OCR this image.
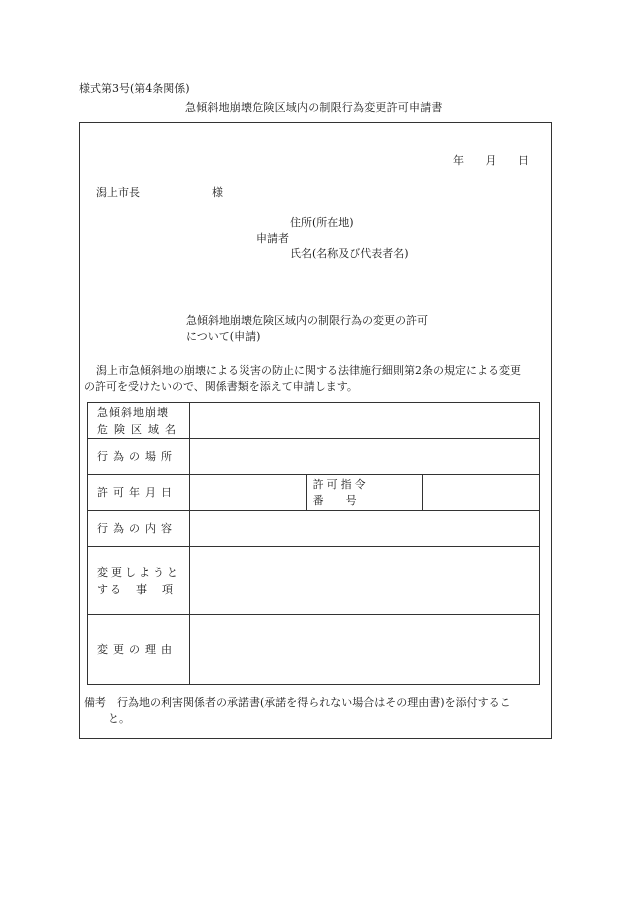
様式第3号(第4条関係)
急傾斜地崩壊危険区域内の制限行為変更許可申請書
年 月 日
潟上市長	様
住所(所在地)
申請者
氏名(名称及び代表者名)
急傾斜地崩壊危険区域内の制限行為の変更の許可
について(申請)
潟上市急傾斜地の崩壊による災害の防止に関する法律施行細則第2条の規定による変更
の許可を受けたいので、関係書類を添えて申請します。
急傾斜地崩壊
危険区域名			

行為の場所			
許可年月日		許可指令
番　　号	

行為の内容			

変更しようと
する　事　項			

変更の理由			
備考　行為地の利害関係者の承諾書(承諾を得られない場合はその理由書)を添付するこ
と。
